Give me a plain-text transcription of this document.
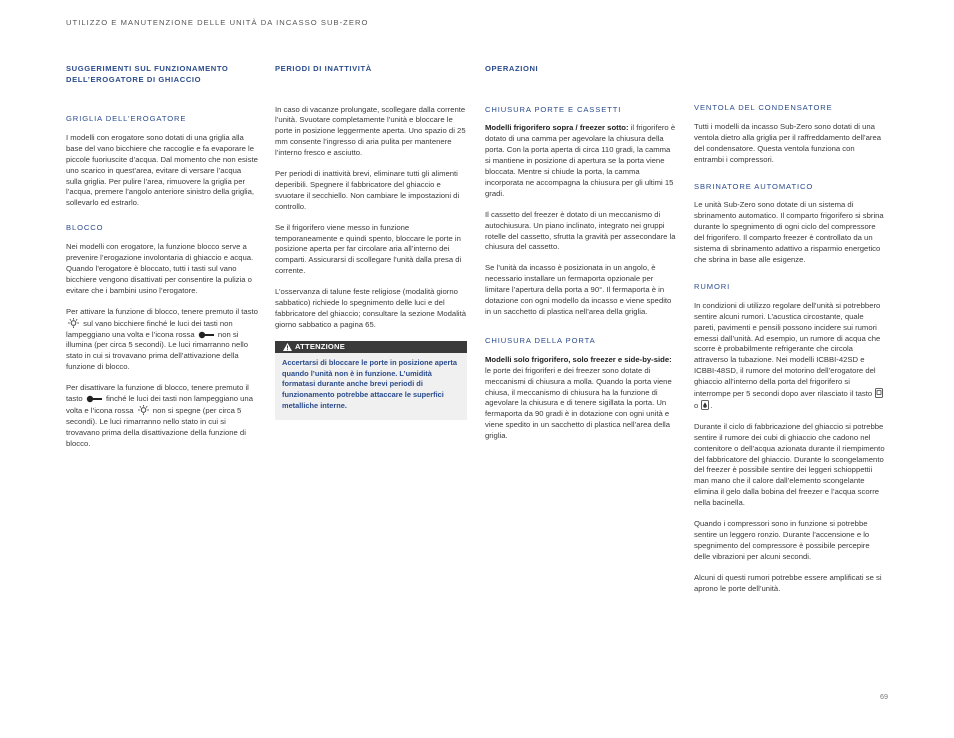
UTILIZZO E MANUTENZIONE DELLE UNITÀ DA INCASSO SUB-ZERO
SUGGERIMENTI SUL FUNZIONAMENTO DELL’EROGATORE DI GHIACCIO
GRIGLIA DELL’EROGATORE

I modelli con erogatore sono dotati di una griglia alla base del vano bicchiere che raccoglie e fa evaporare le piccole fuoriuscite d’acqua. Dal momento che non esiste uno scarico in quest’area, evitare di versare l’acqua sulla griglia. Per pulire l’area, rimuovere la griglia per l’acqua, premere l’angolo anteriore sinistro della griglia, sollevarlo ed estrarlo.

BLOCCO

Nei modelli con erogatore, la funzione blocco serve a prevenire l’erogazione involontaria di ghiaccio e acqua. Quando l’erogatore è bloccato, tutti i tasti sul vano bicchiere vengono disattivati per consentire la pulizia o evitare che i bambini usino l’erogatore.

Per attivare la funzione di blocco, tenere premuto il tasto  sul vano bicchiere finché le luci dei tasti non lampeggiano una volta e l’icona rossa	non si illumina (per circa 5 secondi). Le luci rimarranno nello stato in cui si trovavano prima dell’attivazione della funzione di blocco.

Per disattivare la funzione di blocco, tenere premuto il tasto	finché le luci dei tasti non lampeggiano una volta e l’icona rossa	non si spegne (per circa 5 secondi). Le luci rimarranno nello stato in cui si trovavano prima della disattivazione della funzione di blocco.

PERIODI DI INATTIVITÀ

In caso di vacanze prolungate, scollegare dalla corrente l’unità. Svuotare completamente l’unità e bloccare le porte in posizione leggermente aperta. Uno spazio di 25 mm consente l’ingresso di aria pulita per mantenere l’interno fresco e asciutto.

Per periodi di inattività brevi, eliminare tutti gli alimenti deperibili. Spegnere il fabbricatore del ghiaccio e svuotare il secchiello. Non cambiare le impostazioni di controllo.

Se il frigorifero viene messo in funzione temporaneamente e quindi spento, bloccare le porte in posizione aperta per far circolare aria all’interno dei comparti. Assicurarsi di scollegare l’unità dalla presa di corrente.

L’osservanza di talune feste religiose (modalità giorno sabbatico) richiede lo spegnimento delle luci e del fabbricatore del ghiaccio; consultare la sezione Modalità giorno sabbatico a pagina 65.

ATTENZIONE
Accertarsi di bloccare le porte in posizione aperta quando l’unità non è in funzione. L’umidità formatasi durante anche brevi periodi di funzionamento potrebbe attaccare le superfici metalliche interne.
OPERAZIONI
CHIUSURA PORTE E CASSETTI

Modelli frigorifero sopra / freezer sotto: il frigorifero è dotato di una camma per agevolare la chiusura della porta. Con la porta aperta di circa 110 gradi, la camma si mantiene in posizione di apertura se la porta viene bloccata. Mentre si chiude la porta, la camma incorporata ne accompagna la chiusura per gli ultimi 15 gradi.

Il cassetto del freezer è dotato di un meccanismo di autochiusura. Un piano inclinato, integrato nei gruppi rotelle del cassetto, sfrutta la gravità per assecondare la chiusura del cassetto.

Se l’unità da incasso è posizionata in un angolo, è necessario installare un fermaporta opzionale per limitare l’apertura della porta a 90°. Il fermaporta è in dotazione con ogni modello da incasso e viene spedito in un sacchetto di plastica nell’area della griglia.

CHIUSURA DELLA PORTA

Modelli solo frigorifero, solo freezer e side-by-side: le porte dei frigoriferi e dei freezer sono dotate di meccanismi di chiusura a molla. Quando la porta viene chiusa, il meccanismo di chiusura ha la funzione di agevolare la chiusura e di tenere sigillata la porta. Un fermaporta da 90 gradi è in dotazione con ogni unità e viene spedito in un sacchetto di plastica nell’area della griglia.

VENTOLA DEL CONDENSATORE

Tutti i modelli da incasso Sub-Zero sono dotati di una ventola dietro alla griglia per il raffreddamento dell’area del condensatore. Questa ventola funziona con entrambi i compressori.

SBRINATORE AUTOMATICO

Le unità Sub-Zero sono dotate di un sistema di sbrinamento automatico. Il comparto frigorifero si sbrina durante lo spegnimento di ogni ciclo del compressore del frigorifero. Il comparto freezer è controllato da un sistema di sbrinamento adattivo a risparmio energetico che sbrina in base alle esigenze.

RUMORI

In condizioni di utilizzo regolare dell’unità si potrebbero sentire alcuni rumori. L’acustica circostante, quale pareti, pavimenti e pensili possono incidere sui rumori emessi dall’unità. Ad esempio, un rumore di acqua che scorre è probabilmente refrigerante che circola attraverso la tubazione. Nei modelli ICBBI-42SD e ICBBI-48SD, il rumore del motorino dell’erogatore del ghiaccio all’interno della porta del frigorifero si interrompe per 5 secondi dopo aver rilasciato il tasto  o .

Durante il ciclo di fabbricazione del ghiaccio si potrebbe sentire il rumore dei cubi di ghiaccio che cadono nel contenitore o dell’acqua azionata durante il riempimento del fabbricatore del ghiaccio. Durante lo scongelamento del freezer è possibile sentire dei leggeri schioppettii man mano che il calore dall’elemento scongelante elimina il gelo dalla bobina del freezer e l’acqua scorre nella bacinella.

Quando i compressori sono in funzione si potrebbe sentire un leggero ronzio. Durante l’accensione e lo spegnimento del compressore è possibile percepire delle vibrazioni per alcuni secondi.

Alcuni di questi rumori potrebbe essere amplificati se si aprono le porte dell’unità.

69
